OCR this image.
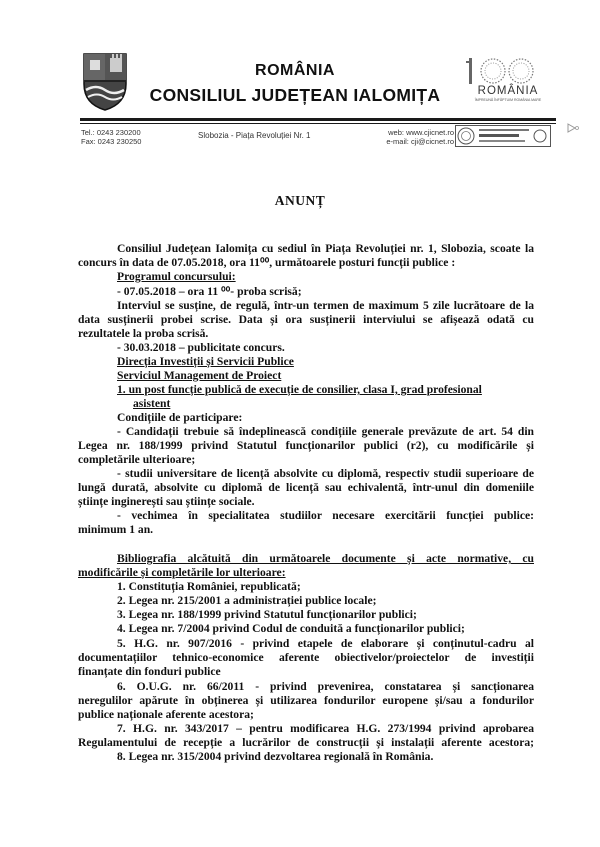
ROMÂNIA
CONSILIUL JUDEȚEAN IALOMIȚA	ROMÂNIA
ÎMPREUNĂ ÎNFĂPTUIM ROMÂNIA MARE
Tel.: 0243 230200
Fax: 0243 230250
Slobozia - Piața Revoluției Nr. 1	web: www.cjicnet.ro
e-mail: cji@cicnet.ro
ANUNȚ
Consiliul Județean Ialomița cu sediul în Piața Revoluției nr. 1, Slobozia, scoate la
concurs în data de 07.05.2018, ora 11⁰⁰, următoarele posturi funcții publice :
Programul concursului:
- 07.05.2018 – ora 11 ⁰⁰- proba scrisă;
Interviul se susține, de regulă, într-un termen de maximum 5 zile lucrătoare de la
data susținerii probei scrise. Data și ora susținerii interviului se afișează odată cu
rezultatele la proba scrisă.
- 30.03.2018 – publicitate concurs.
Direcția Investiții și Servicii Publice
Serviciul Management de Proiect
1. un post funcție publică de execuție de consilier, clasa I, grad profesional
asistent
Condițiile de participare:
- Candidații trebuie să îndeplinească condițiile generale prevăzute de art. 54 din
Legea nr. 188/1999 privind Statutul funcționarilor publici (r2), cu modificările și
completările ulterioare;
- studii universitare de licență absolvite cu diplomă, respectiv studii superioare de
lungă durată, absolvite cu diplomă de licență sau echivalentă, într-unul din domeniile
științe inginerești sau științe sociale.
- vechimea în specialitatea studiilor necesare exercitării funcției publice:
minimum 1 an.
Bibliografia alcătuită din următoarele documente și acte normative, cu
modificările și completările lor ulterioare:
1. Constituția României, republicată;
2. Legea nr. 215/2001 a administrației publice locale;
3. Legea nr. 188/1999 privind Statutul funcționarilor publici;
4. Legea nr. 7/2004 privind Codul de conduită a funcționarilor publici;
5. H.G. nr. 907/2016 - privind etapele de elaborare și conținutul-cadru al
documentațiilor tehnico-economice aferente obiectivelor/proiectelor de investiții
finanțate din fonduri publice
6. O.U.G. nr. 66/2011 - privind prevenirea, constatarea și sancționarea
neregulilor apărute în obținerea și utilizarea fondurilor europene și/sau a fondurilor
publice naționale aferente acestora;
7. H.G. nr. 343/2017 – pentru modificarea H.G. 273/1994 privind aprobarea
Regulamentului de recepție a lucrărilor de construcții și instalații aferente acestora;
8. Legea nr. 315/2004 privind dezvoltarea regională în România.
